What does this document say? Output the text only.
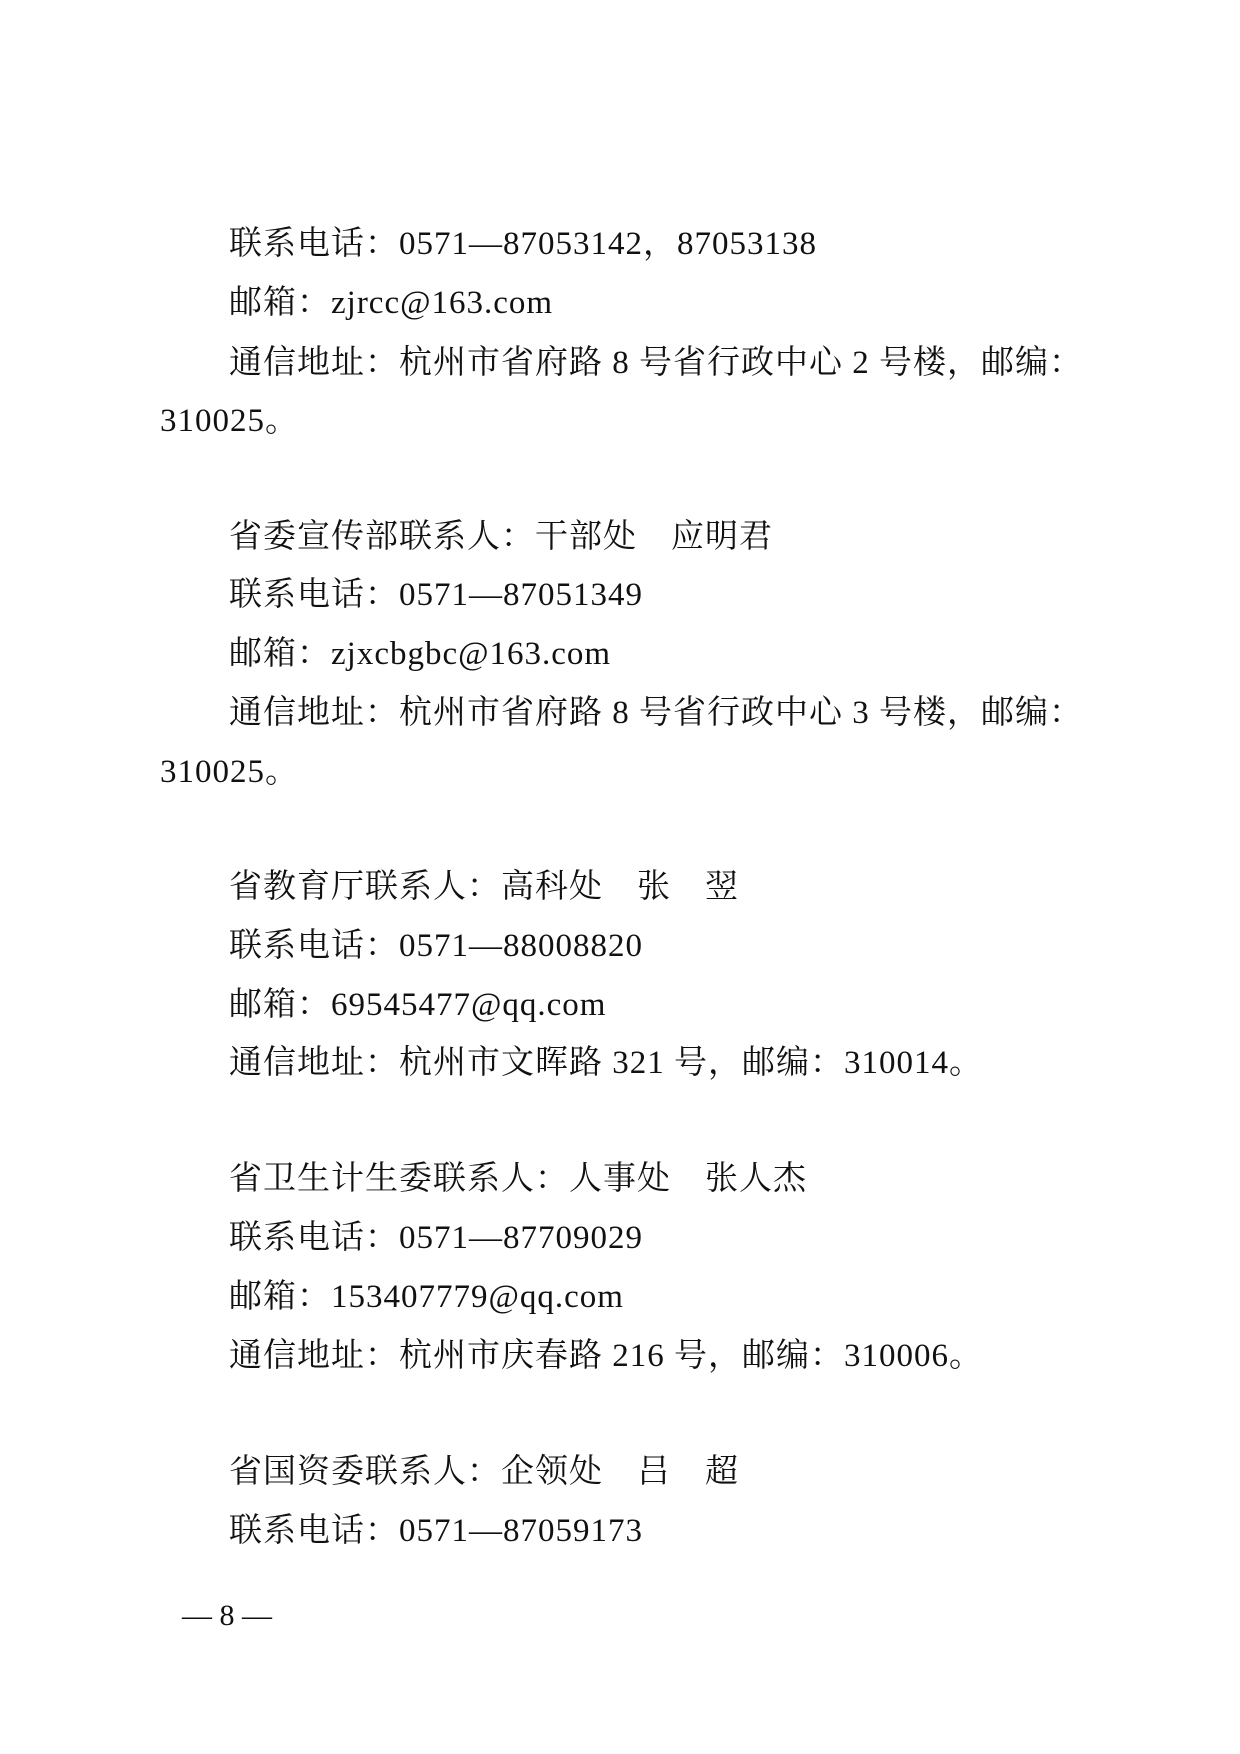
联系电话：0571—87053142，87053138
邮箱：zjrcc@163.com
通信地址：杭州市省府路 8 号省行政中心 2 号楼，邮编：
310025。
省委宣传部联系人：干部处　应明君
联系电话：0571—87051349
邮箱：zjxcbgbc@163.com
通信地址：杭州市省府路 8 号省行政中心 3 号楼，邮编：
310025。
省教育厅联系人：高科处　张　翌
联系电话：0571—88008820
邮箱：69545477@qq.com
通信地址：杭州市文晖路 321 号，邮编：310014。
省卫生计生委联系人：人事处　张人杰
联系电话：0571—87709029
邮箱：153407779@qq.com
通信地址：杭州市庆春路 216 号，邮编：310006。
省国资委联系人：企领处　吕　超
联系电话：0571—87059173
— 8 —
